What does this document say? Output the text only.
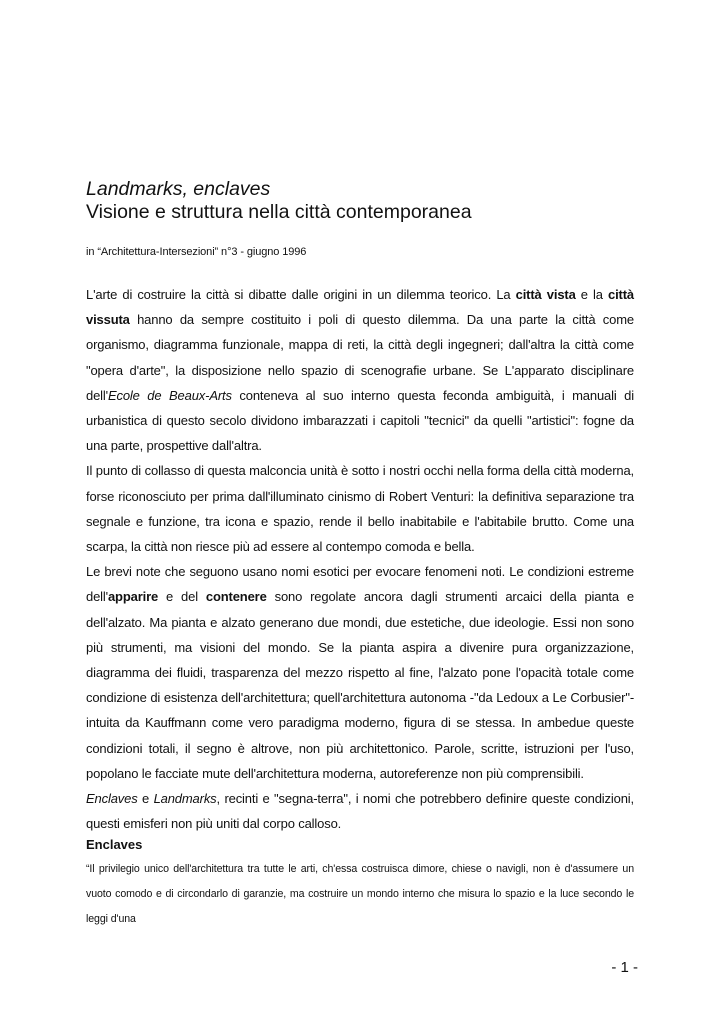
Landmarks, enclaves
Visione e struttura nella città contemporanea
in “Architettura-Intersezioni” n°3 - giugno 1996

L'arte di costruire la città si dibatte dalle origini in un dilemma teorico. La città vista e la città vissuta hanno da sempre costituito i poli di questo dilemma. Da una parte la città come organismo, diagramma funzionale, mappa di reti, la città degli ingegneri; dall'altra la città come "opera d'arte", la disposizione nello spazio di scenografie urbane. Se L'apparato disciplinare dell'Ecole de Beaux-Arts conteneva al suo interno questa feconda ambiguità, i manuali di urbanistica di questo secolo dividono imbarazzati i capitoli "tecnici" da quelli "artistici": fogne da una parte, prospettive dall'altra.

Il punto di collasso di questa malconcia unità è sotto i nostri occhi nella forma della città moderna, forse riconosciuto per prima dall'illuminato cinismo di Robert Venturi: la definitiva separazione tra segnale e funzione, tra icona e spazio, rende il bello inabitabile e l'abitabile brutto. Come una scarpa, la città non riesce più ad essere al contempo comoda e bella.

Le brevi note che seguono usano nomi esotici per evocare fenomeni noti. Le condizioni estreme dell'apparire e del contenere sono regolate ancora dagli strumenti arcaici della pianta e dell'alzato. Ma pianta e alzato generano due mondi, due estetiche, due ideologie. Essi non sono più strumenti, ma visioni del mondo. Se la pianta aspira a divenire pura organizzazione, diagramma dei fluidi, trasparenza del mezzo rispetto al fine, l'alzato pone l'opacità totale come condizione di esistenza dell'architettura; quell'architettura autonoma -"da Ledoux a Le Corbusier"- intuita da Kauffmann come vero paradigma moderno, figura di se stessa. In ambedue queste condizioni totali, il segno è altrove, non più architettonico. Parole, scritte, istruzioni per l'uso, popolano le facciate mute dell'architettura moderna, autoreferenze non più comprensibili.

Enclaves e Landmarks, recinti e "segna-terra", i nomi che potrebbero definire queste condizioni, questi emisferi non più uniti dal corpo calloso.

Enclaves

“Il privilegio unico dell'architettura tra tutte le arti, ch'essa costruisca dimore, chiese o navigli, non è d'assumere un vuoto comodo e di circondarlo di garanzie, ma costruire un mondo interno che misura lo spazio e la luce secondo le leggi d'una

- 1 -
